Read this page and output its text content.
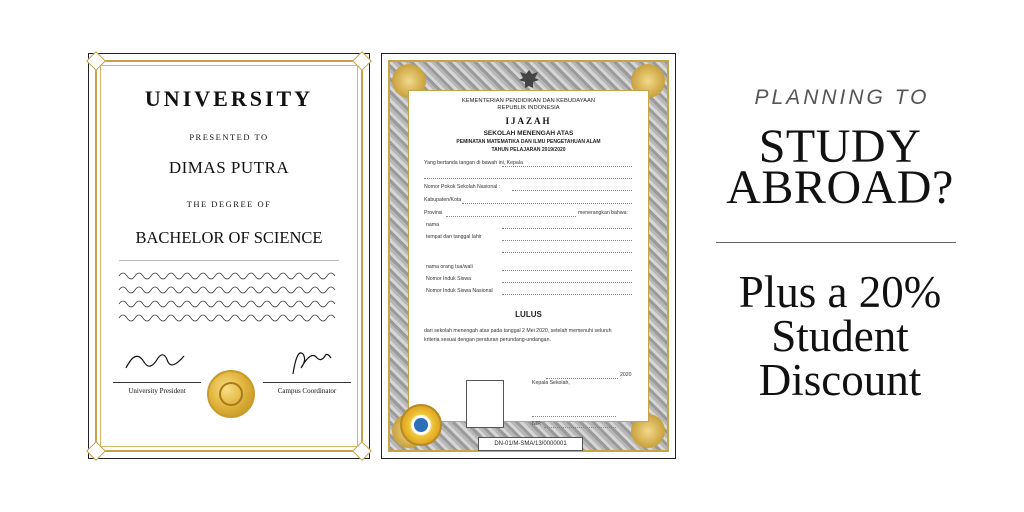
UNIVERSITY
PRESENTED TO
DIMAS PUTRA
THE DEGREE OF
BACHELOR OF SCIENCE
University President	Campus Coordinator
KEMENTERIAN PENDIDIKAN DAN KEBUDAYAAN
REPUBLIK INDONESIA
IJAZAH
SEKOLAH MENENGAH ATAS
PEMINATAN MATEMATIKA DAN ILMU PENGETAHUAN ALAM
TAHUN PELAJARAN 2019/2020
Yang bertanda tangan di bawah ini, Kepala
Nomor Pokok Sekolah Nasional :
Kabupaten/Kota
Provinsi	menerangkan bahwa:
nama
tempat dan tanggal lahir
nama orang tua/wali
Nomor Induk Siswa
Nomor Induk Siswa Nasional
LULUS
dari sekolah menengah atas pada tanggal 2 Mei 2020, setelah memenuhi seluruh
kriteria sesuai dengan peraturan perundang-undangan.
2020
Kepala Sekolah,
NIP.
DN-01/M-SMA/13/0000001
PLANNING TO
STUDY
ABROAD?
Plus a 20%
Student
Discount
